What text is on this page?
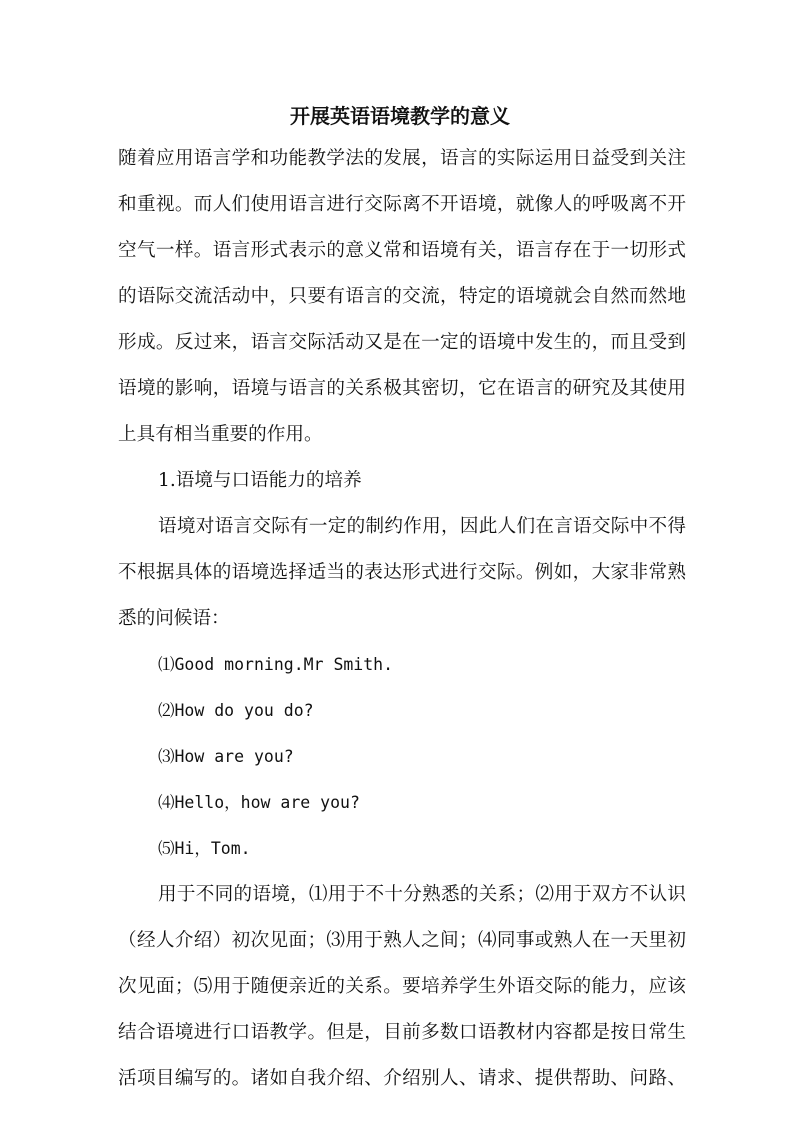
开展英语语境教学的意义
随着应用语言学和功能教学法的发展，语言的实际运用日益受到关注
和重视。而人们使用语言进行交际离不开语境，就像人的呼吸离不开
空气一样。语言形式表示的意义常和语境有关，语言存在于一切形式
的语际交流活动中，只要有语言的交流，特定的语境就会自然而然地
形成。反过来，语言交际活动又是在一定的语境中发生的，而且受到
语境的影响，语境与语言的关系极其密切，它在语言的研究及其使用
上具有相当重要的作用。
1.语境与口语能力的培养
语境对语言交际有一定的制约作用，因此人们在言语交际中不得
不根据具体的语境选择适当的表达形式进行交际。例如，大家非常熟
悉的问候语：
⑴Good morning.Mr Smith.
⑵How do you do?
⑶How are you?
⑷Hello，how are you?
⑸Hi，Tom.
用于不同的语境，⑴用于不十分熟悉的关系；⑵用于双方不认识
（经人介绍）初次见面；⑶用于熟人之间；⑷同事或熟人在一天里初
次见面；⑸用于随便亲近的关系。要培养学生外语交际的能力，应该
结合语境进行口语教学。但是，目前多数口语教材内容都是按日常生
活项目编写的。诸如自我介绍、介绍别人、请求、提供帮助、问路、
